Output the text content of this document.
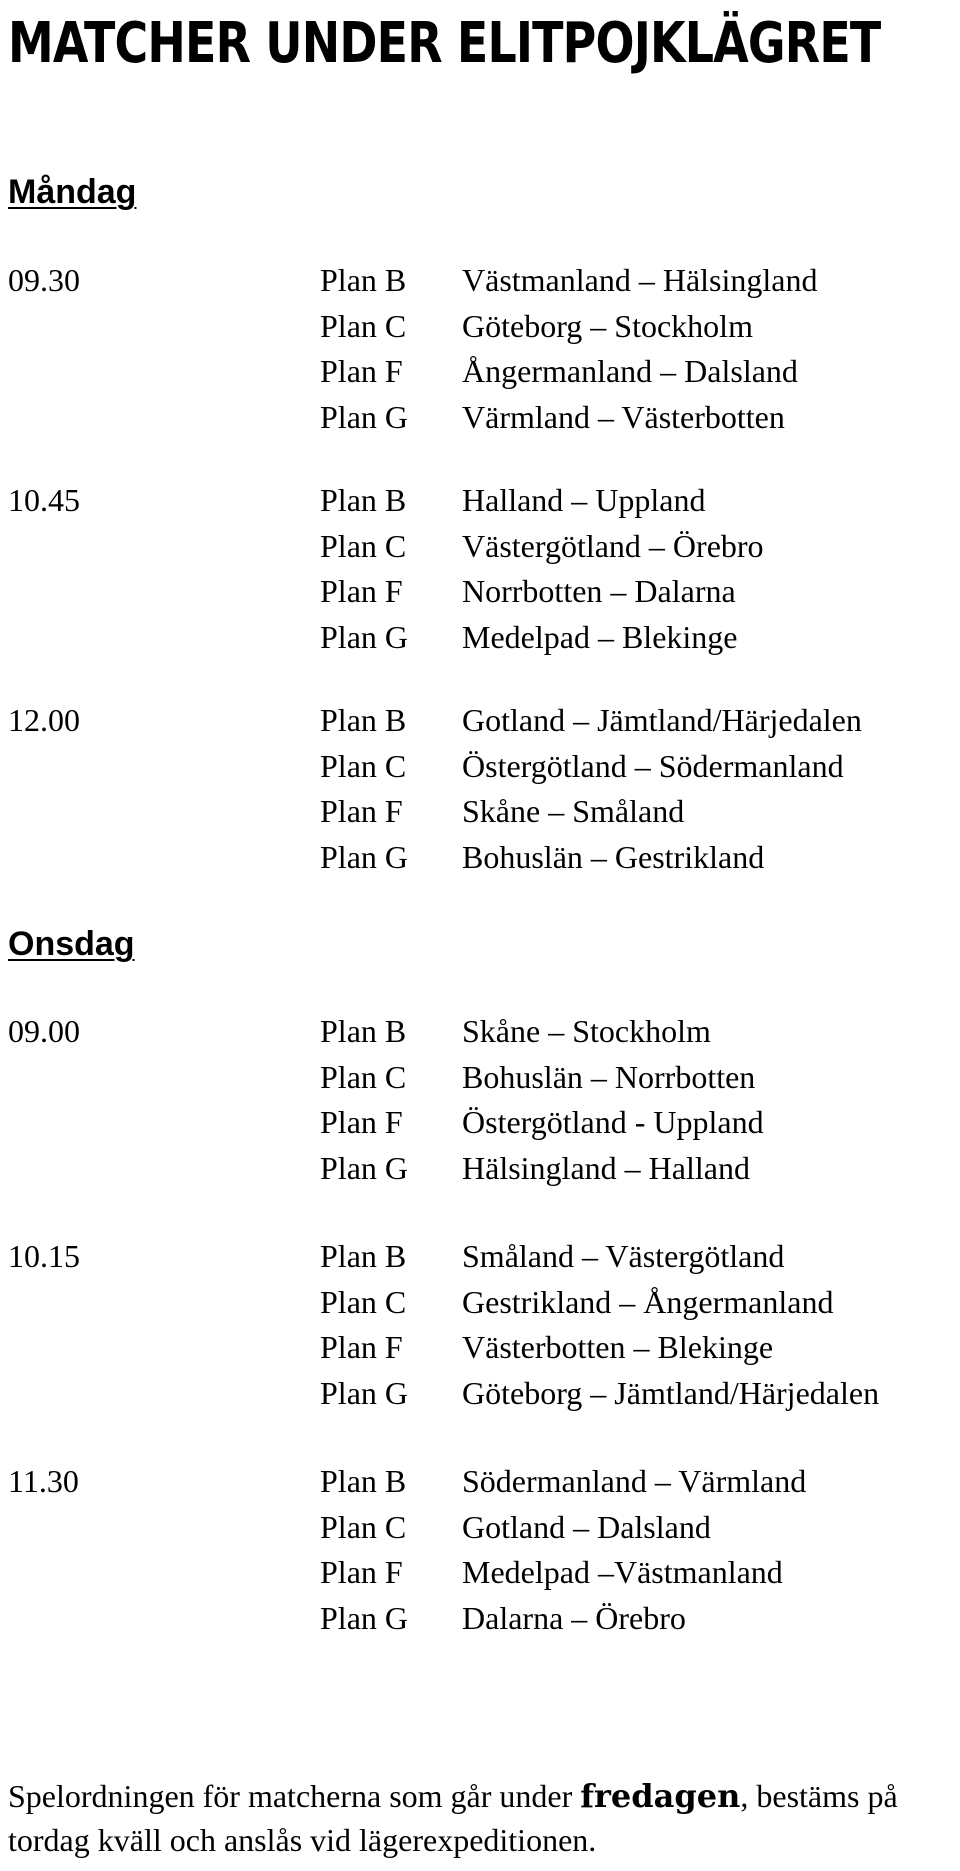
MATCHER UNDER ELITPOJKLÄGRET
Måndag
09.30	Plan B	Västmanland – Hälsingland
Plan C	Göteborg – Stockholm
Plan F	Ångermanland – Dalsland
Plan G	Värmland – Västerbotten
10.45	Plan B	Halland – Uppland
Plan C	Västergötland – Örebro
Plan F	Norrbotten – Dalarna
Plan G	Medelpad – Blekinge
12.00	Plan B	Gotland – Jämtland/Härjedalen
Plan C	Östergötland – Södermanland
Plan F	Skåne – Småland
Plan G	Bohuslän – Gestrikland
Onsdag
09.00	Plan B	Skåne – Stockholm
Plan C	Bohuslän – Norrbotten
Plan F	Östergötland - Uppland
Plan G	Hälsingland – Halland
10.15	Plan B	Småland – Västergötland
Plan C	Gestrikland – Ångermanland
Plan F	Västerbotten – Blekinge
Plan G	Göteborg – Jämtland/Härjedalen
11.30	Plan B	Södermanland – Värmland
Plan C	Gotland – Dalsland
Plan F	Medelpad –Västmanland
Plan G	Dalarna – Örebro
Spelordningen för matcherna som går under fredagen, bestäms på tordag kväll och anslås vid lägerexpeditionen.
